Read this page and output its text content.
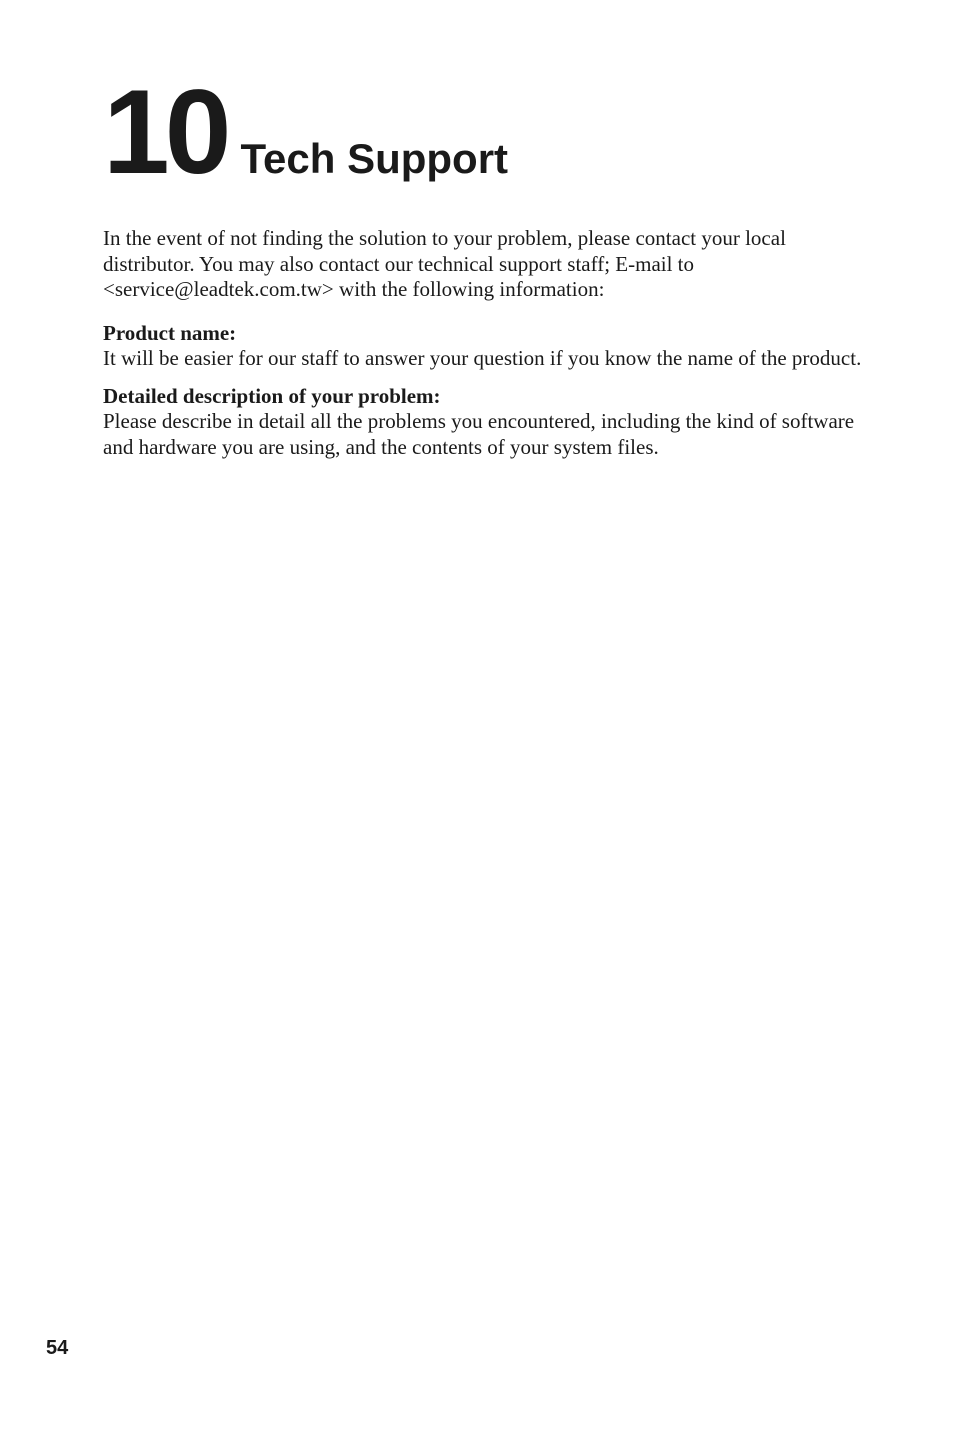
10 Tech Support

In the event of not finding the solution to your problem, please contact your local distributor. You may also contact our technical support staff; E-mail to <service@leadtek.com.tw> with the following information:

Product name:

It will be easier for our staff to answer your question if you know the name of the product.

Detailed description of your problem:

Please describe in detail all the problems you encountered, including the kind of software and hardware you are using, and the contents of your system files.

54
